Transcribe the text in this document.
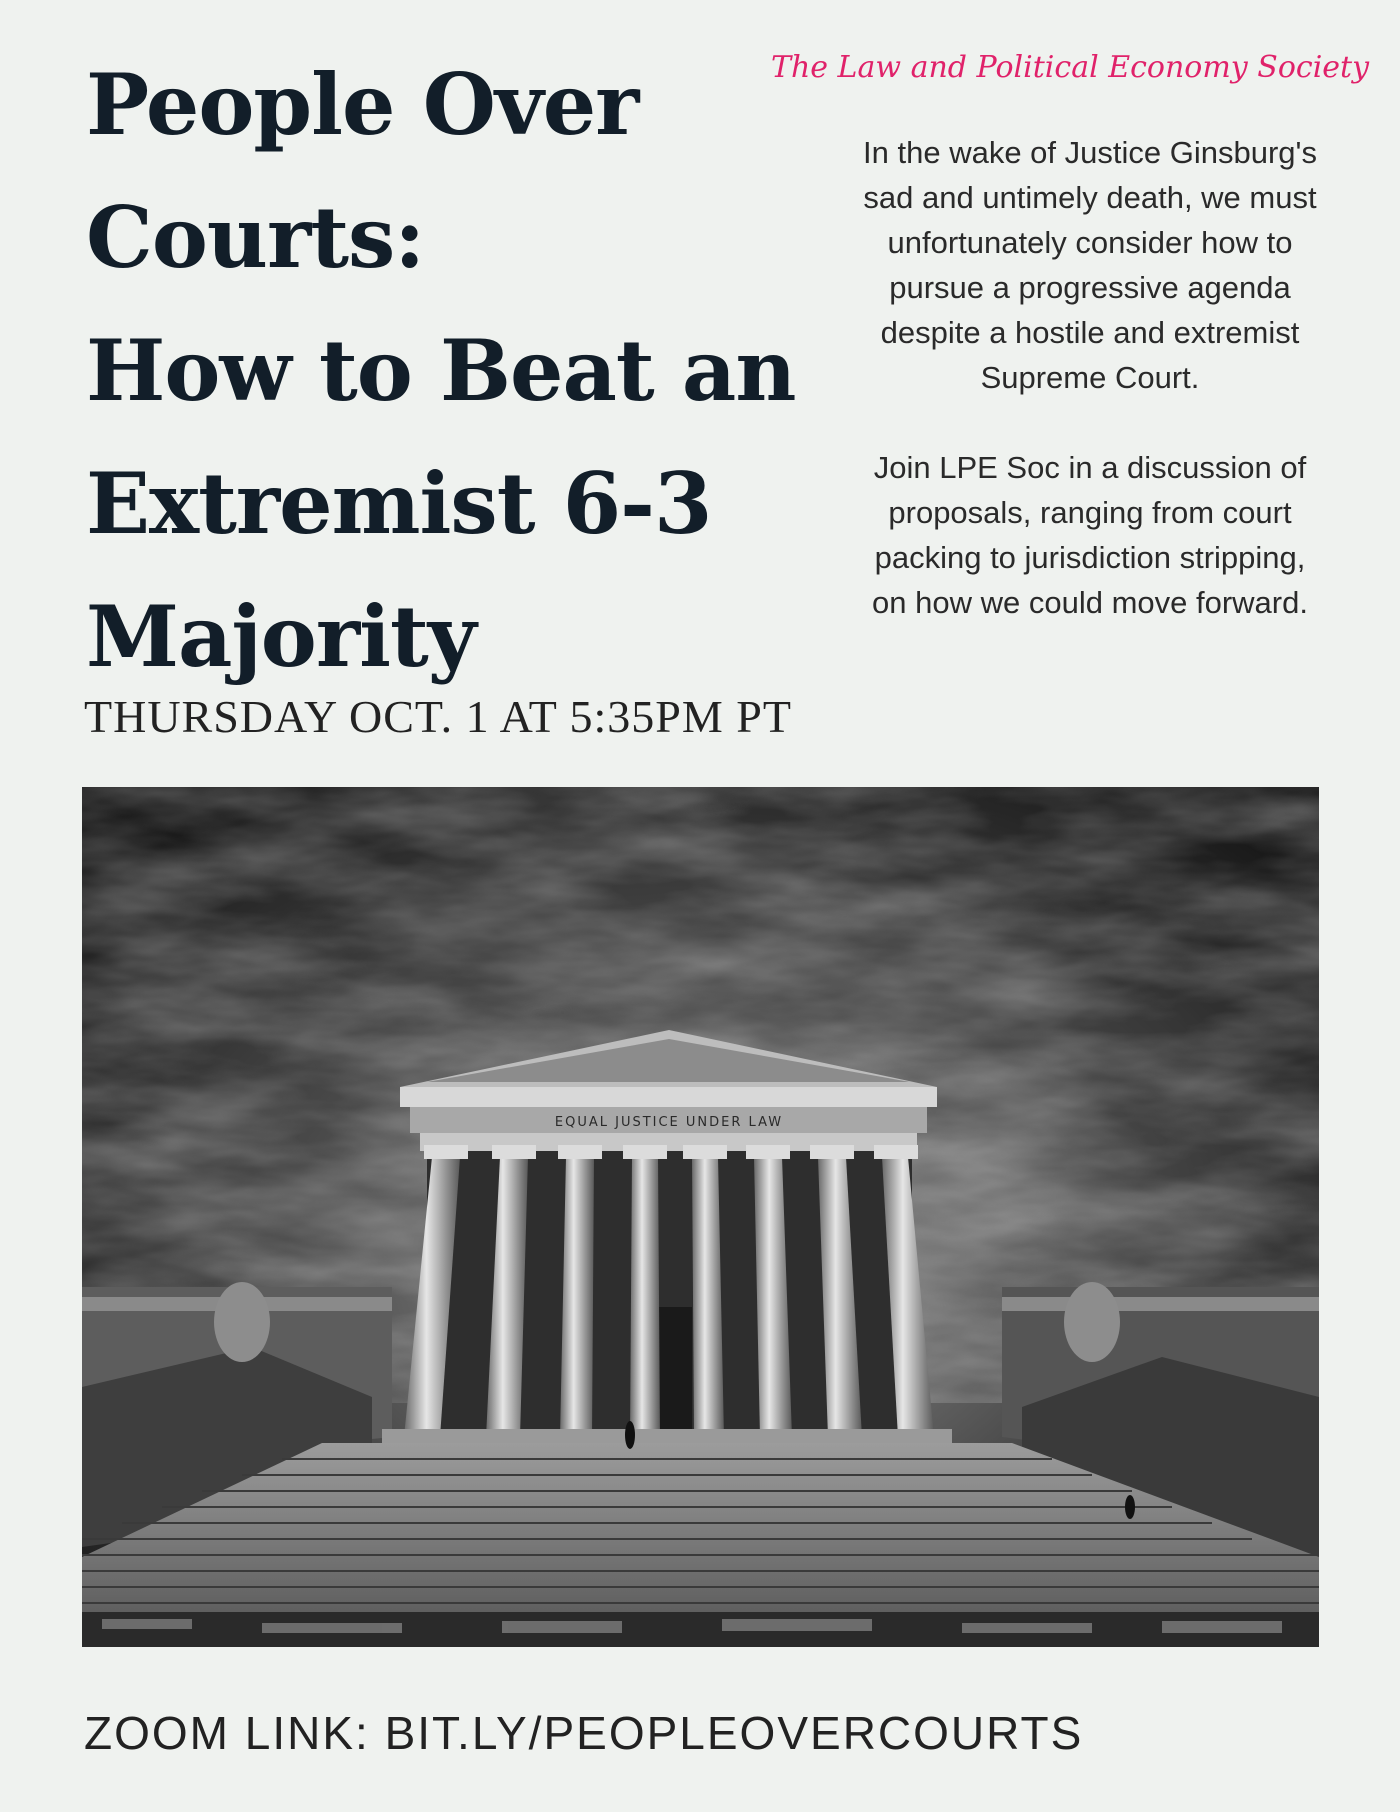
People Over
Courts:
How to Beat an
Extremist 6-3
Majority
THURSDAY OCT. 1 AT 5:35PM PT
The Law and Political Economy Society

In the wake of Justice Ginsburg's sad and untimely death, we must unfortunately consider how to pursue a progressive agenda despite a hostile and extremist Supreme Court.

Join LPE Soc in a discussion of proposals, ranging from court packing to jurisdiction stripping, on how we could move forward.

EQUAL JUSTICE UNDER LAW
ZOOM LINK: BIT.LY/PEOPLEOVERCOURTS
